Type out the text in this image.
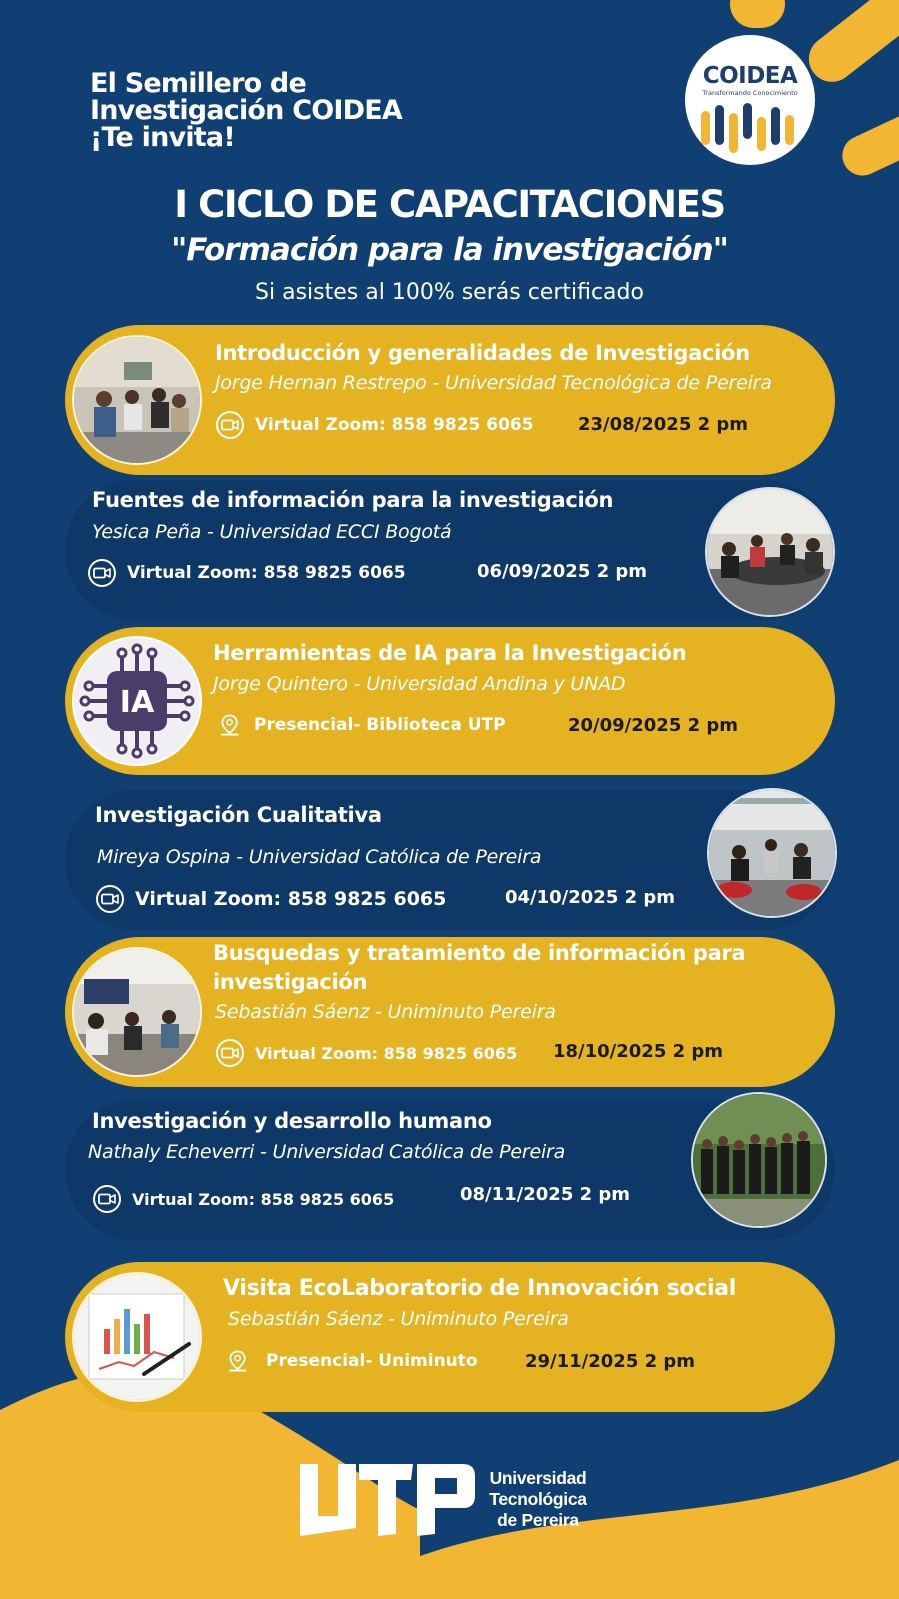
El Semillero de
Investigación COIDEA
¡Te invita!
COIDEA
Transformando Conocimiento
I CICLO DE CAPACITACIONES
"Formación para la investigación"
Si asistes al 100% serás certificado
Introducción y generalidades de Investigación
Jorge Hernan Restrepo - Universidad Tecnológica de Pereira
Virtual Zoom: 858 9825 6065 23/08/2025 2 pm
Fuentes de información para la investigación
Yesica Peña - Universidad ECCI Bogotá
Virtual Zoom: 858 9825 6065	06/09/2025 2 pm
IA
Herramientas de IA para la Investigación
Jorge Quintero - Universidad Andina y UNAD
Presencial- Biblioteca UTP	20/09/2025 2 pm
Investigación Cualitativa
Mireya Ospina - Universidad Católica de Pereira
Virtual Zoom: 858 9825 6065	04/10/2025 2 pm
Busquedas y tratamiento de información para
investigación
Sebastián Sáenz - Uniminuto Pereira
Virtual Zoom: 858 9825 6065 18/10/2025 2 pm
Investigación y desarrollo humano
Nathaly Echeverri - Universidad Católica de Pereira
Virtual Zoom: 858 9825 6065	08/11/2025 2 pm
Visita EcoLaboratorio de Innovación social
Sebastián Sáenz - Uniminuto Pereira
Presencial- Uniminuto	29/11/2025 2 pm
Universidad
Tecnológica
de Pereira
